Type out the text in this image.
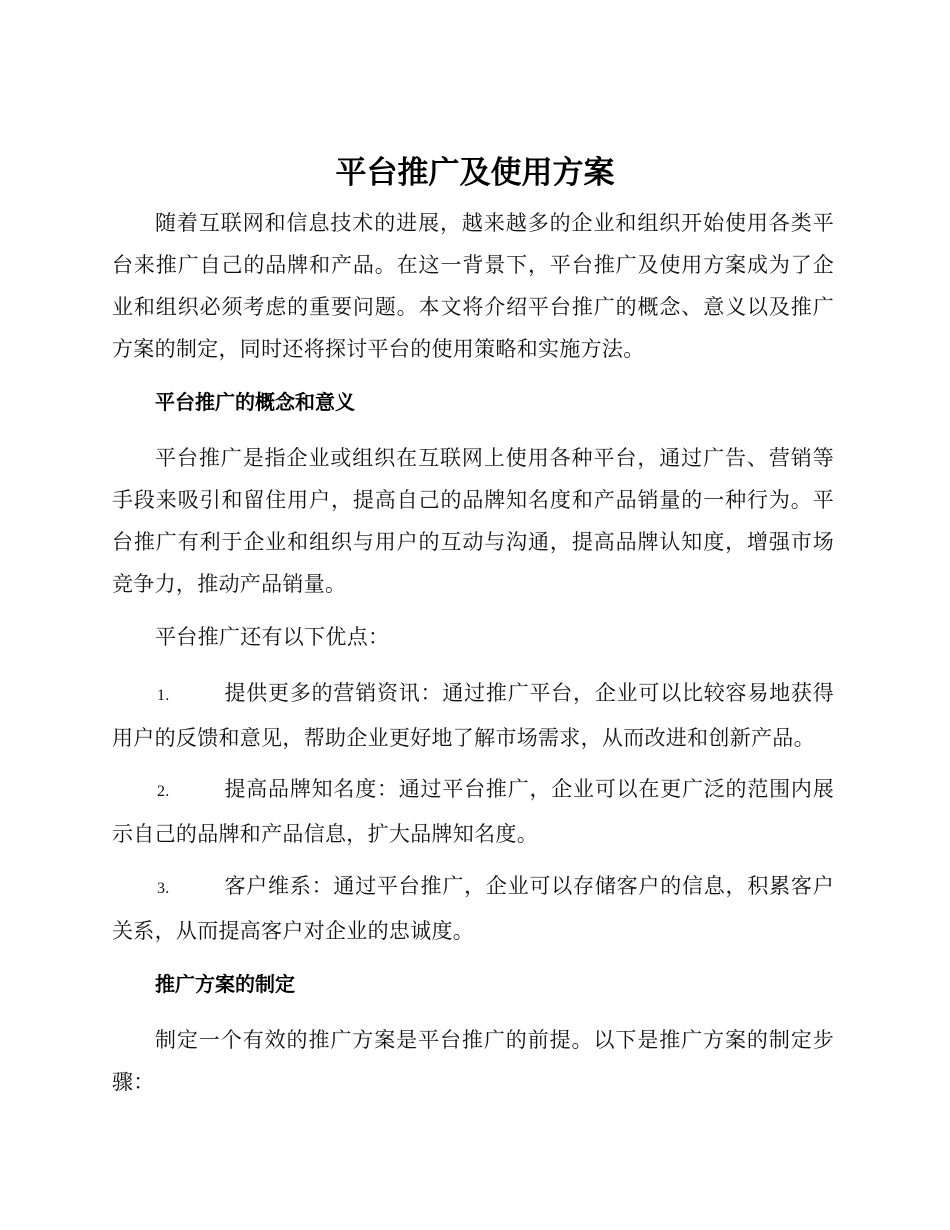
平台推广及使用方案

随着互联网和信息技术的进展，越来越多的企业和组织开始使用各类平台来推广自己的品牌和产品。在这一背景下，平台推广及使用方案成为了企业和组织必须考虑的重要问题。本文将介绍平台推广的概念、意义以及推广方案的制定，同时还将探讨平台的使用策略和实施方法。

平台推广的概念和意义

平台推广是指企业或组织在互联网上使用各种平台，通过广告、营销等手段来吸引和留住用户，提高自己的品牌知名度和产品销量的一种行为。平台推广有利于企业和组织与用户的互动与沟通，提高品牌认知度，增强市场竞争力，推动产品销量。

平台推广还有以下优点：

1.	提供更多的营销资讯：通过推广平台，企业可以比较容易地获得用户的反馈和意见，帮助企业更好地了解市场需求，从而改进和创新产品。

2.	提高品牌知名度：通过平台推广，企业可以在更广泛的范围内展示自己的品牌和产品信息，扩大品牌知名度。

3.	客户维系：通过平台推广，企业可以存储客户的信息，积累客户关系，从而提高客户对企业的忠诚度。

推广方案的制定

制定一个有效的推广方案是平台推广的前提。以下是推广方案的制定步骤：
